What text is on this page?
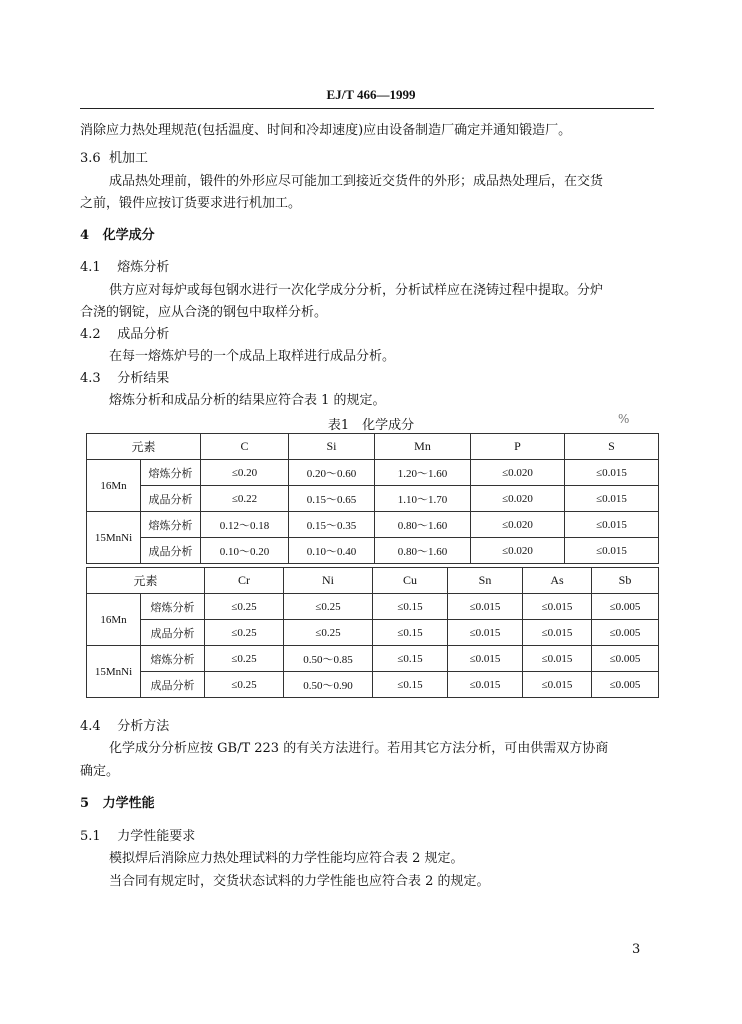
EJ/T 466—1999
消除应力热处理规范(包括温度、时间和冷却速度)应由设备制造厂确定并通知锻造厂。
3.6 机加工
成品热处理前，锻件的外形应尽可能加工到接近交货件的外形；成品热处理后，在交货
之前，锻件应按订货要求进行机加工。
4 化学成分
4.1 熔炼分析
供方应对每炉或每包钢水进行一次化学成分分析，分析试样应在浇铸过程中提取。分炉
合浇的钢锭，应从合浇的钢包中取样分析。
4.2 成品分析
在每一熔炼炉号的一个成品上取样进行成品分析。
4.3 分析结果
熔炼分析和成品分析的结果应符合表 1 的规定。
表1　化学成分	%
元素		C	Si	Mn	P	S
16Mn	熔炼分析	≤0.20	0.20～0.60	1.20～1.60	≤0.020	≤0.015
	成品分析	≤0.22	0.15～0.65	1.10～1.70	≤0.020	≤0.015
15MnNi	熔炼分析	0.12～0.18	0.15～0.35	0.80～1.60	≤0.020	≤0.015
	成品分析	0.10～0.20	0.10～0.40	0.80～1.60	≤0.020	≤0.015
元素		Cr	Ni	Cu	Sn	As	Sb
16Mn	熔炼分析	≤0.25	≤0.25	≤0.15	≤0.015	≤0.015	≤0.005
	成品分析	≤0.25	≤0.25	≤0.15	≤0.015	≤0.015	≤0.005
15MnNi	熔炼分析	≤0.25	0.50～0.85	≤0.15	≤0.015	≤0.015	≤0.005
	成品分析	≤0.25	0.50～0.90	≤0.15	≤0.015	≤0.015	≤0.005
4.4 分析方法
化学成分分析应按 GB/T 223 的有关方法进行。若用其它方法分析，可由供需双方协商
确定。
5 力学性能
5.1 力学性能要求
模拟焊后消除应力热处理试料的力学性能均应符合表 2 规定。
当合同有规定时，交货状态试料的力学性能也应符合表 2 的规定。
3
